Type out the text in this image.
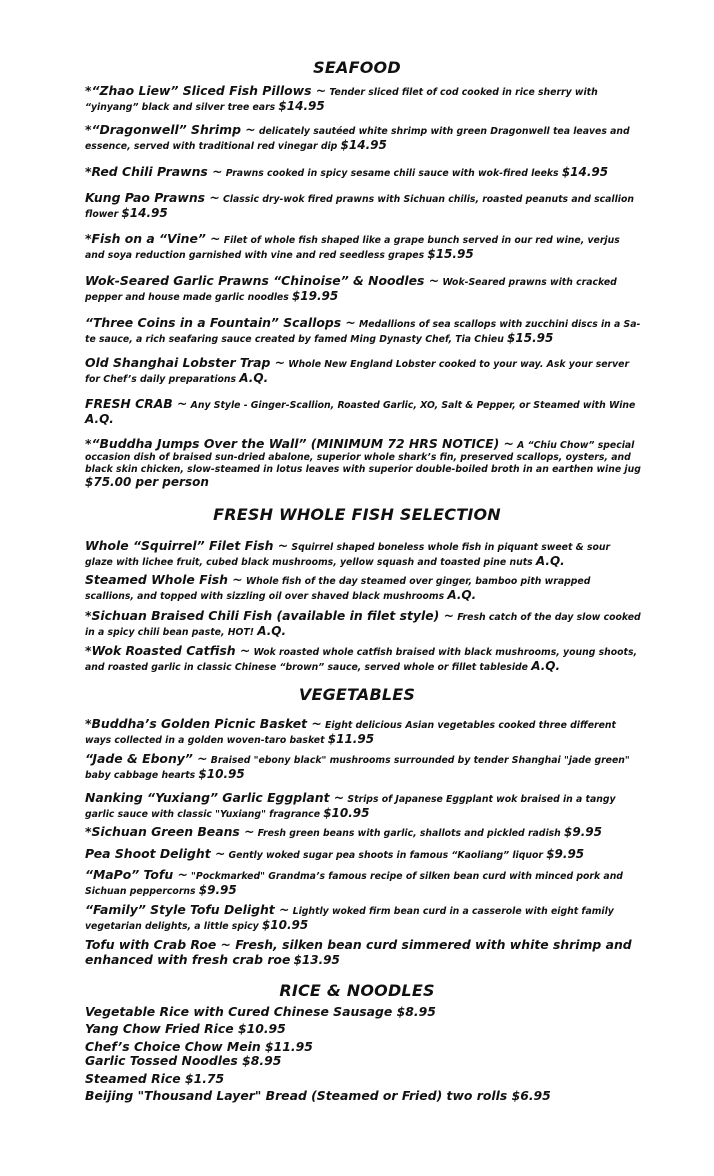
SEAFOOD
*“Zhao Liew” Sliced Fish Pillows ~ Tender sliced filet of cod cooked in rice sherry with “yinyang” black and silver tree ears $14.95
*“Dragonwell” Shrimp ~ delicately sautéed white shrimp with green Dragonwell tea leaves and essence, served with traditional red vinegar dip $14.95
*Red Chili Prawns ~ Prawns cooked in spicy sesame chili sauce with wok-fired leeks $14.95
Kung Pao Prawns ~ Classic dry-wok fired prawns with Sichuan chilis, roasted peanuts and scallion flower $14.95
*Fish on a “Vine” ~ Filet of whole fish shaped like a grape bunch served in our red wine, verjus and soya reduction garnished with vine and red seedless grapes $15.95
Wok-Seared Garlic Prawns “Chinoise” & Noodles ~ Wok-Seared prawns with cracked pepper and house made garlic noodles $19.95
“Three Coins in a Fountain” Scallops ~ Medallions of sea scallops with zucchini discs in a Sa-te sauce, a rich seafaring sauce created by famed Ming Dynasty Chef, Tia Chieu $15.95
Old Shanghai Lobster Trap ~ Whole New England Lobster cooked to your way. Ask your server for Chef’s daily preparations A.Q.
FRESH CRAB ~ Any Style - Ginger-Scallion, Roasted Garlic, XO, Salt & Pepper, or Steamed with Wine A.Q.
*“Buddha Jumps Over the Wall” (MINIMUM 72 HRS NOTICE) ~ A “Chiu Chow” special occasion dish of braised sun-dried abalone, superior whole shark’s fin, preserved scallops, oysters, and black skin chicken, slow-steamed in lotus leaves with superior double-boiled broth in an earthen wine jug $75.00 per person
FRESH WHOLE FISH SELECTION
Whole “Squirrel” Filet Fish ~ Squirrel shaped boneless whole fish in piquant sweet & sour glaze with lichee fruit, cubed black mushrooms, yellow squash and toasted pine nuts A.Q.
Steamed Whole Fish ~ Whole fish of the day steamed over ginger, bamboo pith wrapped scallions, and topped with sizzling oil over shaved black mushrooms A.Q.
*Sichuan Braised Chili Fish (available in filet style) ~ Fresh catch of the day slow cooked in a spicy chili bean paste, HOT! A.Q.
*Wok Roasted Catfish ~ Wok roasted whole catfish braised with black mushrooms, young shoots, and roasted garlic in classic Chinese “brown” sauce, served whole or fillet tableside A.Q.
VEGETABLES
*Buddha’s Golden Picnic Basket ~ Eight delicious Asian vegetables cooked three different ways collected in a golden woven-taro basket $11.95
“Jade & Ebony” ~ Braised "ebony black" mushrooms surrounded by tender Shanghai "jade green" baby cabbage hearts $10.95
Nanking “Yuxiang” Garlic Eggplant ~ Strips of Japanese Eggplant wok braised in a tangy garlic sauce with classic "Yuxiang" fragrance $10.95
*Sichuan Green Beans ~ Fresh green beans with garlic, shallots and pickled radish $9.95
Pea Shoot Delight ~ Gently woked sugar pea shoots in famous “Kaoliang” liquor $9.95
“MaPo” Tofu ~ "Pockmarked" Grandma’s famous recipe of silken bean curd with minced pork and Sichuan peppercorns $9.95
“Family” Style Tofu Delight ~ Lightly woked firm bean curd in a casserole with eight family vegetarian delights, a little spicy $10.95
Tofu with Crab Roe ~ Fresh, silken bean curd simmered with white shrimp and enhanced with fresh crab roe $13.95
RICE & NOODLES

Vegetable Rice with Cured Chinese Sausage $8.95

Yang Chow Fried Rice $10.95

Chef’s Choice Chow Mein $11.95

Garlic Tossed Noodles $8.95

Steamed Rice $1.75

Beijing "Thousand Layer" Bread (Steamed or Fried) two rolls $6.95
